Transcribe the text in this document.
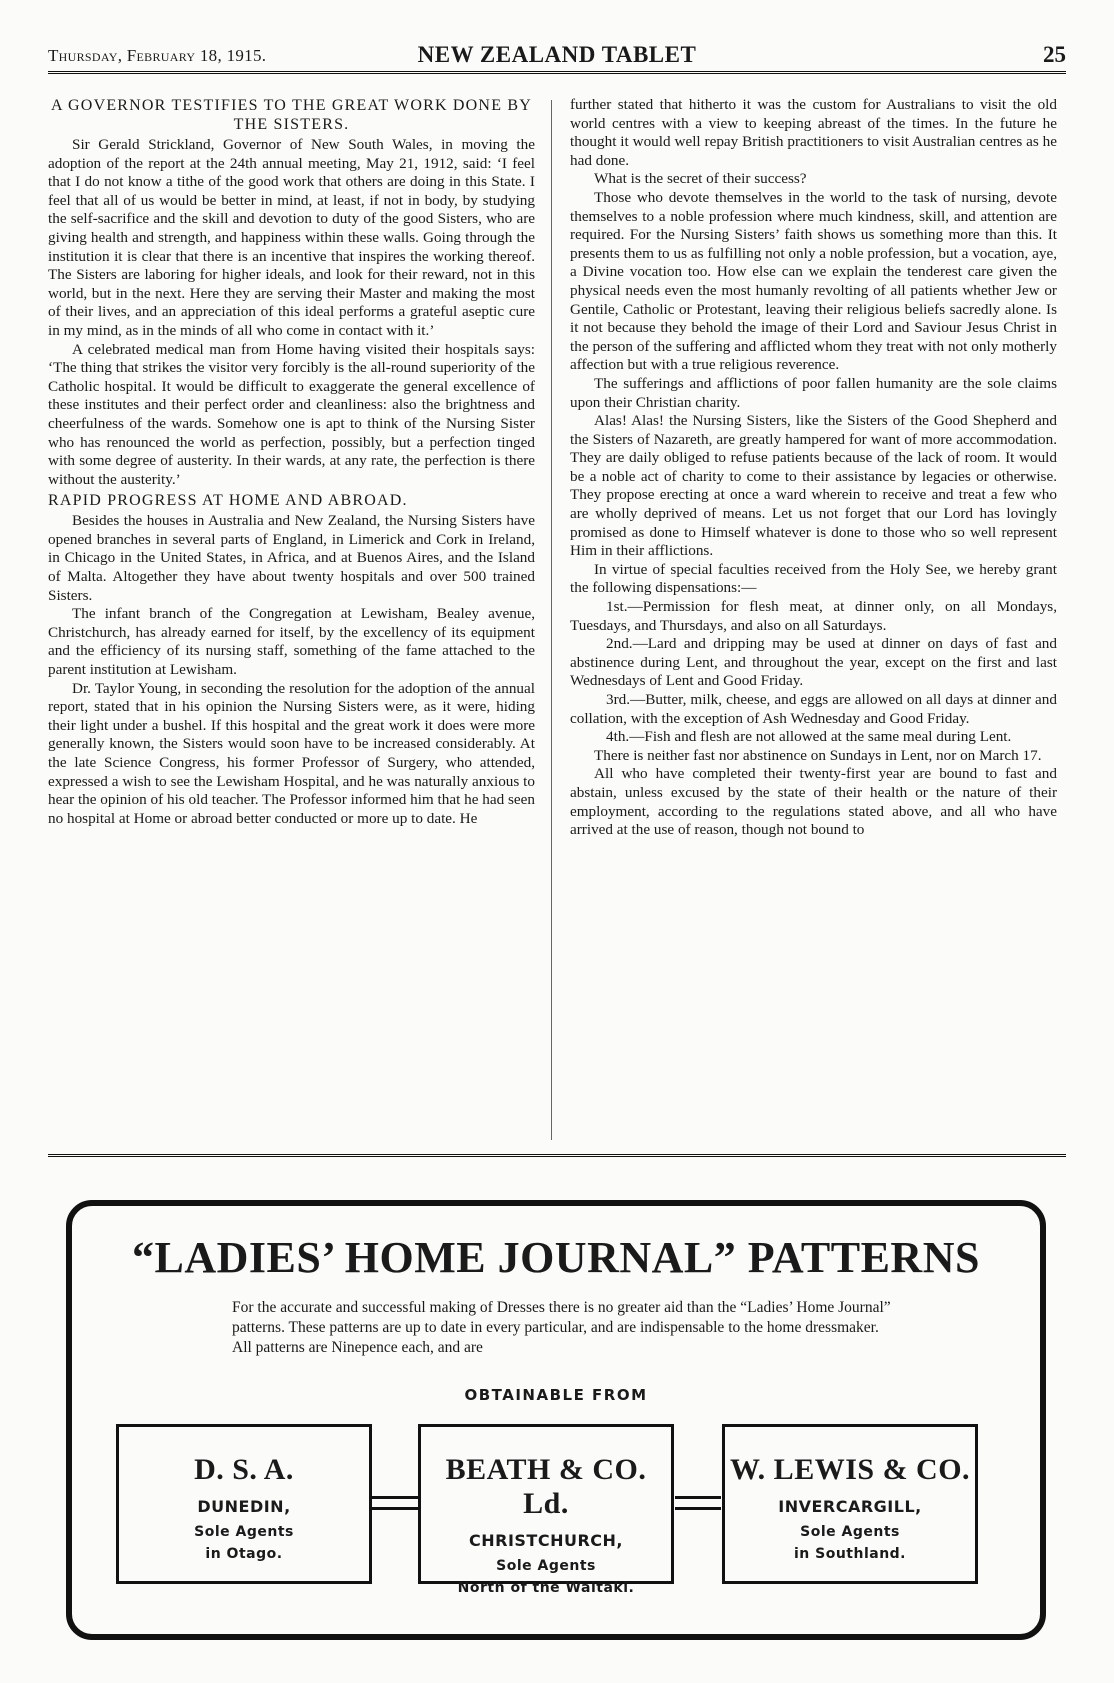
Thursday, February 18, 1915.	NEW ZEALAND TABLET	25
A GOVERNOR TESTIFIES TO THE GREAT WORK DONE BY THE SISTERS.

Sir Gerald Strickland, Governor of New South Wales, in moving the adoption of the report at the 24th annual meeting, May 21, 1912, said: ‘I feel that I do not know a tithe of the good work that others are doing in this State. I feel that all of us would be better in mind, at least, if not in body, by studying the self-sacrifice and the skill and devotion to duty of the good Sisters, who are giving health and strength, and happiness within these walls. Going through the institution it is clear that there is an incentive that inspires the working thereof. The Sisters are laboring for higher ideals, and look for their reward, not in this world, but in the next. Here they are serving their Master and making the most of their lives, and an appreciation of this ideal performs a grateful aseptic cure in my mind, as in the minds of all who come in contact with it.’

A celebrated medical man from Home having visited their hospitals says: ‘The thing that strikes the visitor very forcibly is the all-round superiority of the Catholic hospital. It would be difficult to exaggerate the general excellence of these institutes and their perfect order and cleanliness: also the brightness and cheerfulness of the wards. Somehow one is apt to think of the Nursing Sister who has renounced the world as perfection, possibly, but a perfection tinged with some degree of austerity. In their wards, at any rate, the perfection is there without the austerity.’

RAPID PROGRESS AT HOME AND ABROAD.

Besides the houses in Australia and New Zealand, the Nursing Sisters have opened branches in several parts of England, in Limerick and Cork in Ireland, in Chicago in the United States, in Africa, and at Buenos Aires, and the Island of Malta. Altogether they have about twenty hospitals and over 500 trained Sisters.

The infant branch of the Congregation at Lewisham, Bealey avenue, Christchurch, has already earned for itself, by the excellency of its equipment and the efficiency of its nursing staff, something of the fame attached to the parent institution at Lewisham.

Dr. Taylor Young, in seconding the resolution for the adoption of the annual report, stated that in his opinion the Nursing Sisters were, as it were, hiding their light under a bushel. If this hospital and the great work it does were more generally known, the Sisters would soon have to be increased considerably. At the late Science Congress, his former Professor of Surgery, who attended, expressed a wish to see the Lewisham Hospital, and he was naturally anxious to hear the opinion of his old teacher. The Professor informed him that he had seen no hospital at Home or abroad better conducted or more up to date. He

further stated that hitherto it was the custom for Australians to visit the old world centres with a view to keeping abreast of the times. In the future he thought it would well repay British practitioners to visit Australian centres as he had done.

What is the secret of their success?

Those who devote themselves in the world to the task of nursing, devote themselves to a noble profession where much kindness, skill, and attention are required. For the Nursing Sisters’ faith shows us something more than this. It presents them to us as fulfilling not only a noble profession, but a vocation, aye, a Divine vocation too. How else can we explain the tenderest care given the physical needs even the most humanly revolting of all patients whether Jew or Gentile, Catholic or Protestant, leaving their religious beliefs sacredly alone. Is it not because they behold the image of their Lord and Saviour Jesus Christ in the person of the suffering and afflicted whom they treat with not only motherly affection but with a true religious reverence.

The sufferings and afflictions of poor fallen humanity are the sole claims upon their Christian charity.

Alas! Alas! the Nursing Sisters, like the Sisters of the Good Shepherd and the Sisters of Nazareth, are greatly hampered for want of more accommodation. They are daily obliged to refuse patients because of the lack of room. It would be a noble act of charity to come to their assistance by legacies or otherwise. They propose erecting at once a ward wherein to receive and treat a few who are wholly deprived of means. Let us not forget that our Lord has lovingly promised as done to Himself whatever is done to those who so well represent Him in their afflictions.

In virtue of special faculties received from the Holy See, we hereby grant the following dispensations:—

1st.—Permission for flesh meat, at dinner only, on all Mondays, Tuesdays, and Thursdays, and also on all Saturdays.

2nd.—Lard and dripping may be used at dinner on days of fast and abstinence during Lent, and throughout the year, except on the first and last Wednesdays of Lent and Good Friday.

3rd.—Butter, milk, cheese, and eggs are allowed on all days at dinner and collation, with the exception of Ash Wednesday and Good Friday.

4th.—Fish and flesh are not allowed at the same meal during Lent.

There is neither fast nor abstinence on Sundays in Lent, nor on March 17.

All who have completed their twenty-first year are bound to fast and abstain, unless excused by the state of their health or the nature of their employment, according to the regulations stated above, and all who have arrived at the use of reason, though not bound to

“LADIES’ HOME JOURNAL” PATTERNS
For the accurate and successful making of Dresses there is no greater aid than the “Ladies’ Home Journal” patterns. These patterns are up to date in every particular, and are indispensable to the home dressmaker. All patterns are Ninepence each, and are
OBTAINABLE FROM
D. S. A.
DUNEDIN,
Sole Agents
in Otago.
BEATH & CO. Ld.
CHRISTCHURCH,
Sole Agents
North of the Waitaki.
W. LEWIS & CO.
INVERCARGILL,
Sole Agents
in Southland.
